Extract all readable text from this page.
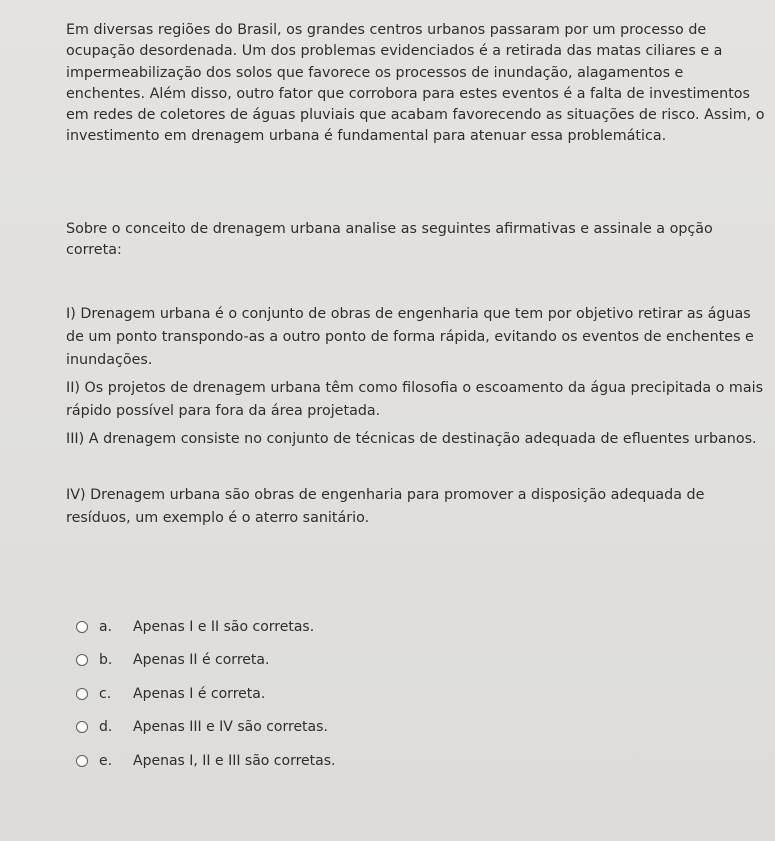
Em diversas regiões do Brasil, os grandes centros urbanos passaram por um processo de ocupação desordenada. Um dos problemas evidenciados é a retirada das matas ciliares e a impermeabilização dos solos que favorece os processos de inundação, alagamentos e enchentes. Além disso, outro fator que corrobora para estes eventos é a falta de investimentos em redes de coletores de águas pluviais que acabam favorecendo as situações de risco. Assim, o investimento em drenagem urbana é fundamental para atenuar essa problemática.

Sobre o conceito de drenagem urbana analise as seguintes afirmativas e assinale a opção correta:

I) Drenagem urbana é o conjunto de obras de engenharia que tem por objetivo retirar as águas de um ponto transpondo-as a outro ponto de forma rápida, evitando os eventos de enchentes e inundações.

II) Os projetos de drenagem urbana têm como filosofia o escoamento da água precipitada o mais rápido possível para fora da área projetada.

III) A drenagem consiste no conjunto de técnicas de destinação adequada de efluentes urbanos.

IV) Drenagem urbana são obras de engenharia para promover a disposição adequada de resíduos, um exemplo é o aterro sanitário.

a.	Apenas I e II são corretas.
b.	Apenas II é correta.
c.	Apenas I é correta.
d.	Apenas III e IV são corretas.
e.	Apenas I, II e III são corretas.
